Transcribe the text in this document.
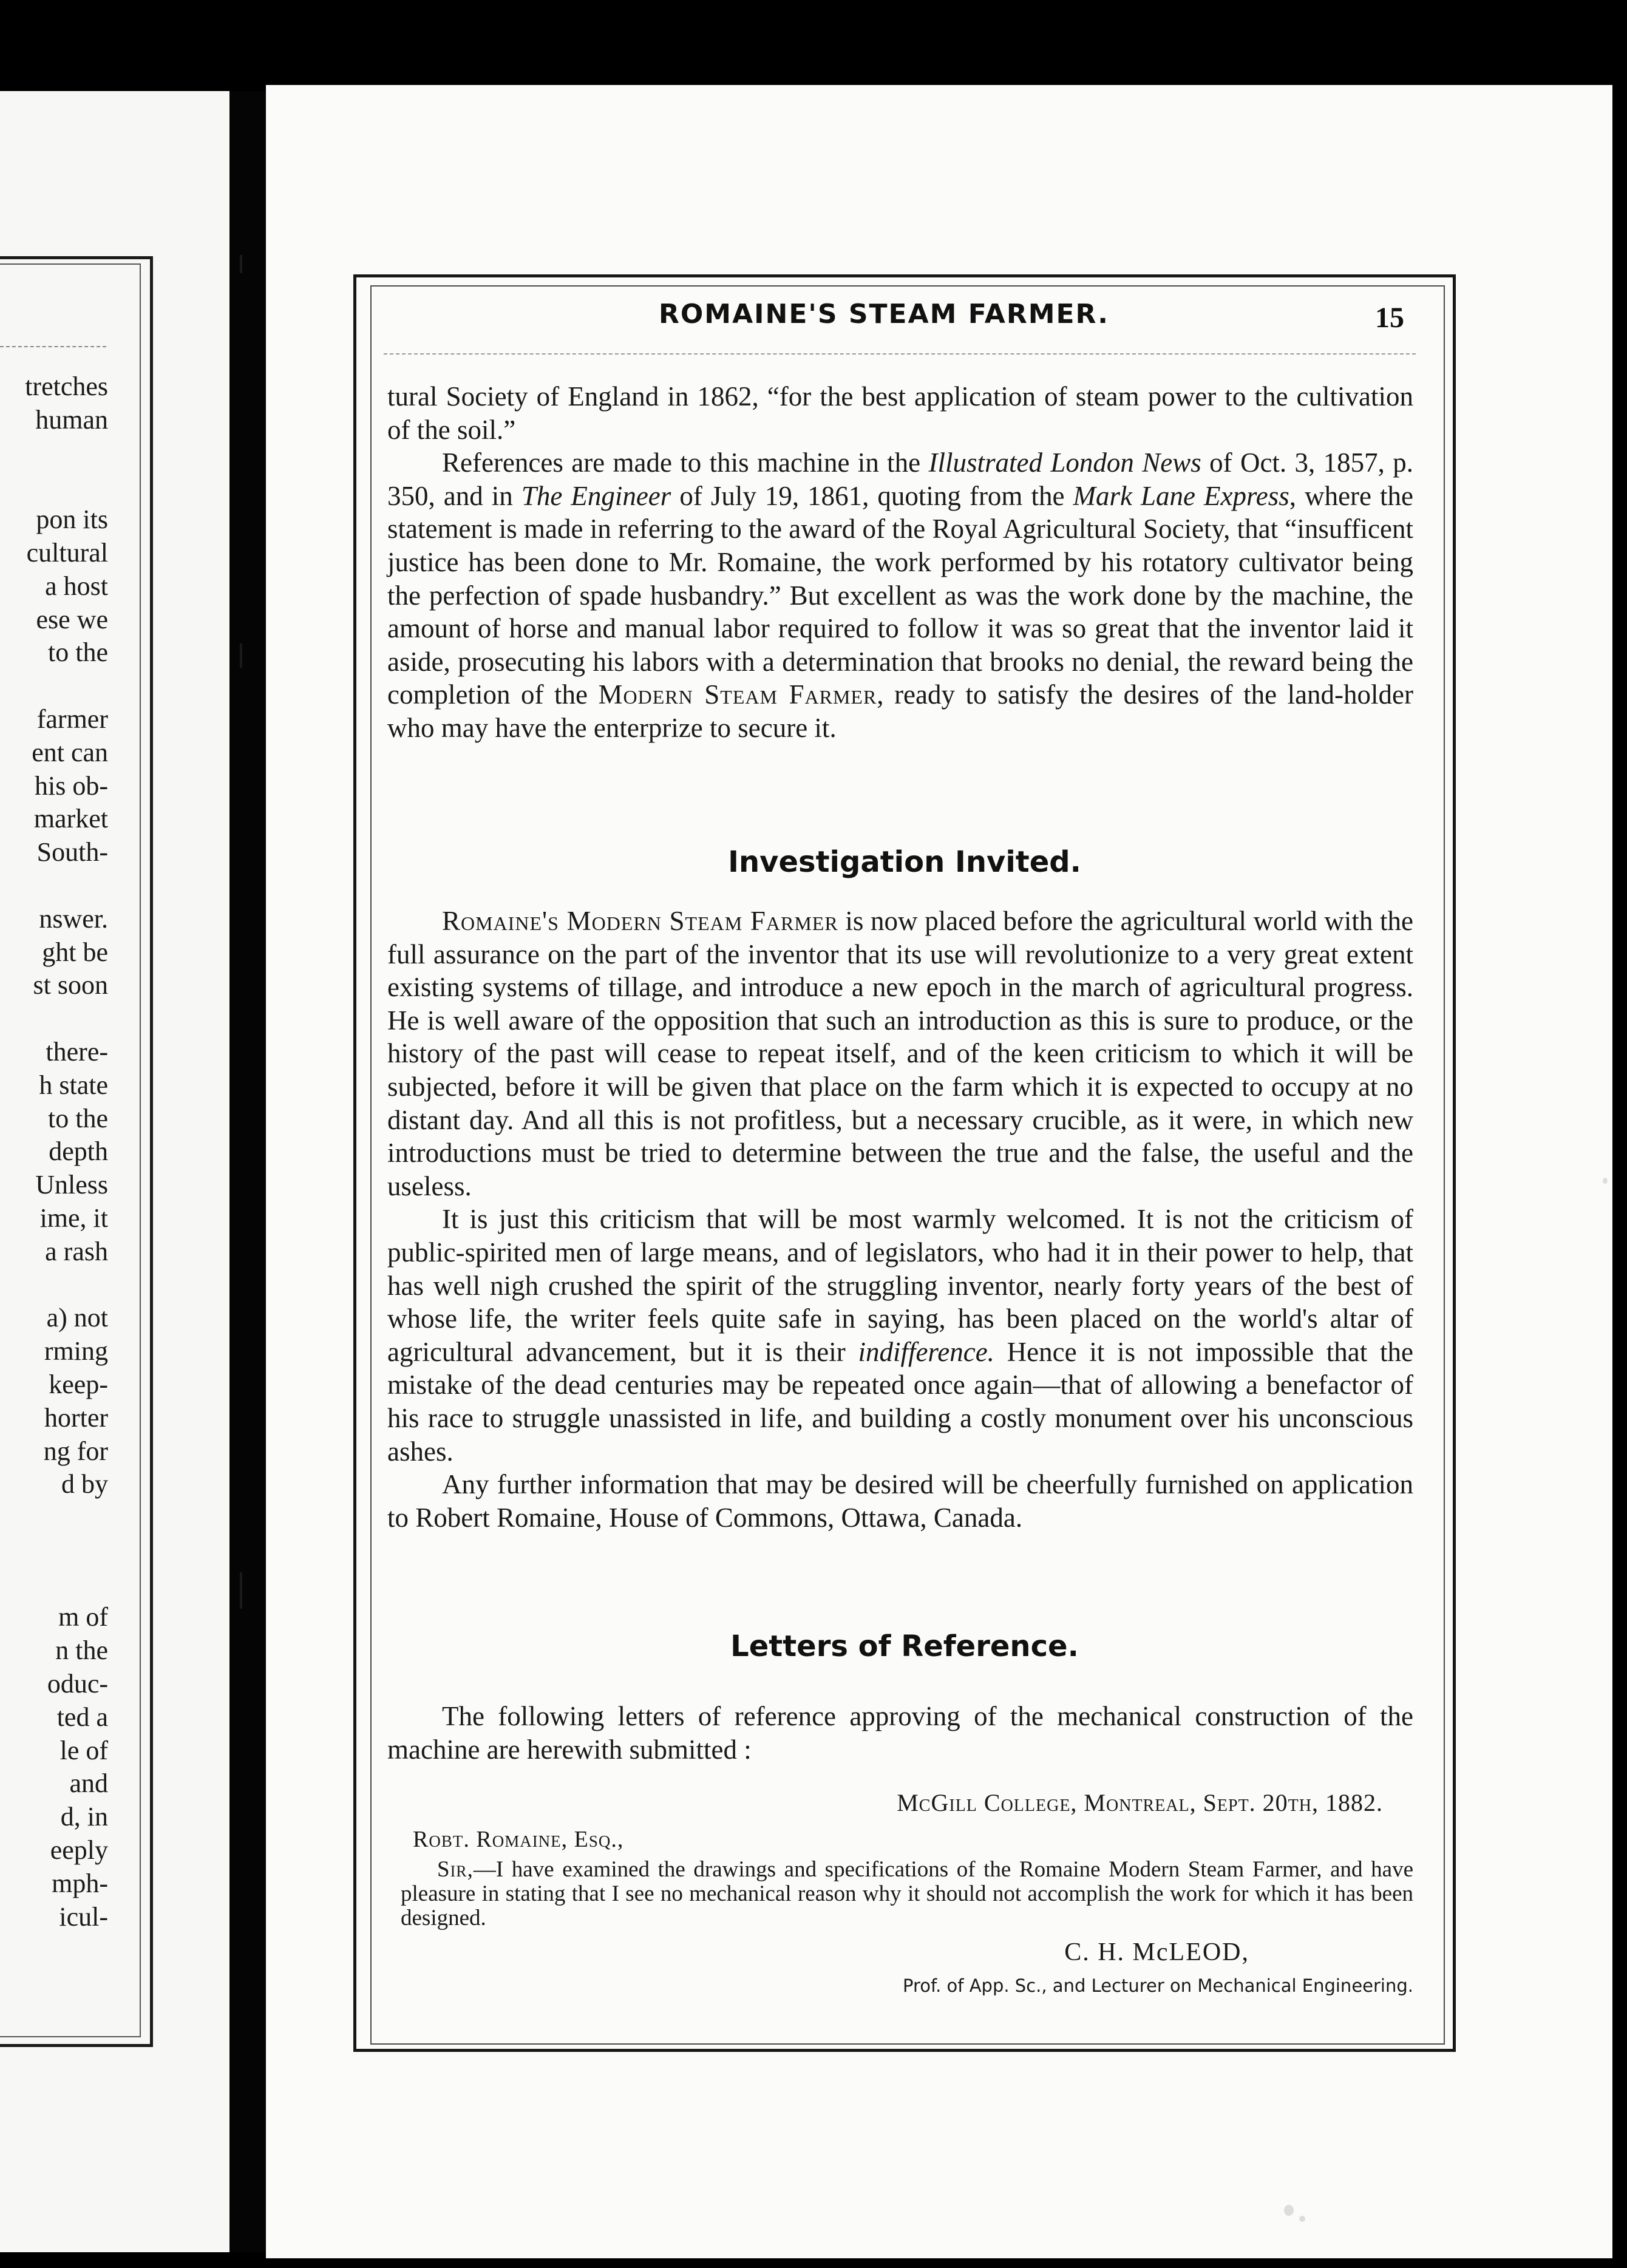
tretches
human

pon its
cultural
a host
ese we
to the

farmer
ent can
his ob-
market
South-

nswer.
ght be
st soon

there-
h state
to the
depth
Unless
ime, it
a rash

a) not
rming
keep-
horter
ng for
d by

m of
n the
oduc-
ted a
le of
and
d, in
eeply
mph-
icul-
ROMAINE'S STEAM FARMER.	15

tural Society of England in 1862, “for the best application of steam power to the cultivation of the soil.”

References are made to this machine in the Illustrated London News of Oct. 3, 1857, p. 350, and in The Engineer of July 19, 1861, quoting from the Mark Lane Express, where the statement is made in referring to the award of the Royal Agricultural Society, that “insufficent justice has been done to Mr. Romaine, the work performed by his rotatory cultivator being the perfection of spade husbandry.” But excellent as was the work done by the machine, the amount of horse and manual labor required to follow it was so great that the inventor laid it aside, prosecuting his labors with a determination that brooks no denial, the reward being the completion of the Modern Steam Farmer, ready to satisfy the desires of the land-holder who may have the enterprize to secure it.

Investigation Invited.

Romaine's Modern Steam Farmer is now placed before the agricultural world with the full assurance on the part of the inventor that its use will revolutionize to a very great extent existing systems of tillage, and introduce a new epoch in the march of agricultural progress. He is well aware of the opposition that such an introduction as this is sure to produce, or the history of the past will cease to repeat itself, and of the keen criticism to which it will be subjected, before it will be given that place on the farm which it is expected to occupy at no distant day. And all this is not profitless, but a necessary crucible, as it were, in which new introductions must be tried to determine between the true and the false, the useful and the useless.

It is just this criticism that will be most warmly welcomed. It is not the criticism of public-spirited men of large means, and of legislators, who had it in their power to help, that has well nigh crushed the spirit of the struggling inventor, nearly forty years of the best of whose life, the writer feels quite safe in saying, has been placed on the world's altar of agricultural advancement, but it is their indifference. Hence it is not impossible that the mistake of the dead centuries may be repeated once again—that of allowing a benefactor of his race to struggle unassisted in life, and building a costly monument over his unconscious ashes.

Any further information that may be desired will be cheerfully furnished on application to Robert Romaine, House of Commons, Ottawa, Canada.

Letters of Reference.

The following letters of reference approving of the mechanical construction of the machine are herewith submitted :

McGill College, Montreal, Sept. 20th, 1882.
Robt. Romaine, Esq.,
Sir,—I have examined the drawings and specifications of the Romaine Modern Steam Farmer, and have pleasure in stating that I see no mechanical reason why it should not accomplish the work for which it has been designed.
C. H. McLEOD,
Prof. of App. Sc., and Lecturer on Mechanical Engineering.
